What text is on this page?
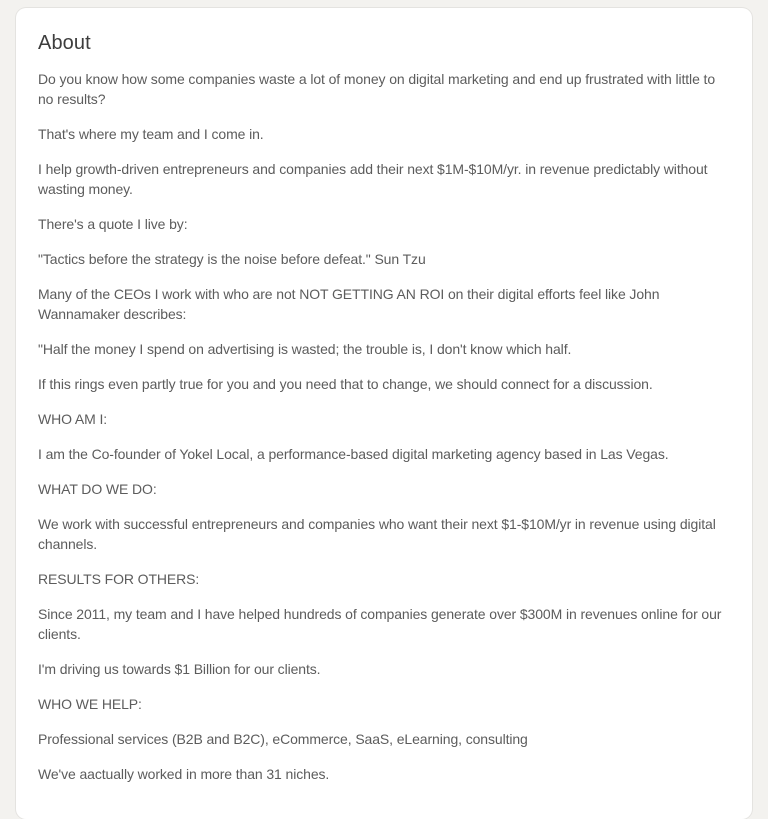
About

Do you know how some companies waste a lot of money on digital marketing and end up frustrated with little to no results?

That's where my team and I come in.

I help growth-driven entrepreneurs and companies add their next $1M-$10M/yr. in revenue predictably without wasting money.

There's a quote I live by:

"Tactics before the strategy is the noise before defeat." Sun Tzu

Many of the CEOs I work with who are not NOT GETTING AN ROI on their digital efforts feel like John Wannamaker describes:

"Half the money I spend on advertising is wasted; the trouble is, I don't know which half.

If this rings even partly true for you and you need that to change, we should connect for a discussion.

WHO AM I:

I am the Co-founder of Yokel Local, a performance-based digital marketing agency based in Las Vegas.

WHAT DO WE DO:

We work with successful entrepreneurs and companies who want their next $1-$10M/yr in revenue using digital channels.

RESULTS FOR OTHERS:

Since 2011, my team and I have helped hundreds of companies generate over $300M in revenues online for our clients.

I'm driving us towards $1 Billion for our clients.

WHO WE HELP:

Professional services (B2B and B2C), eCommerce, SaaS, eLearning, consulting

We've aactually worked in more than 31 niches.
